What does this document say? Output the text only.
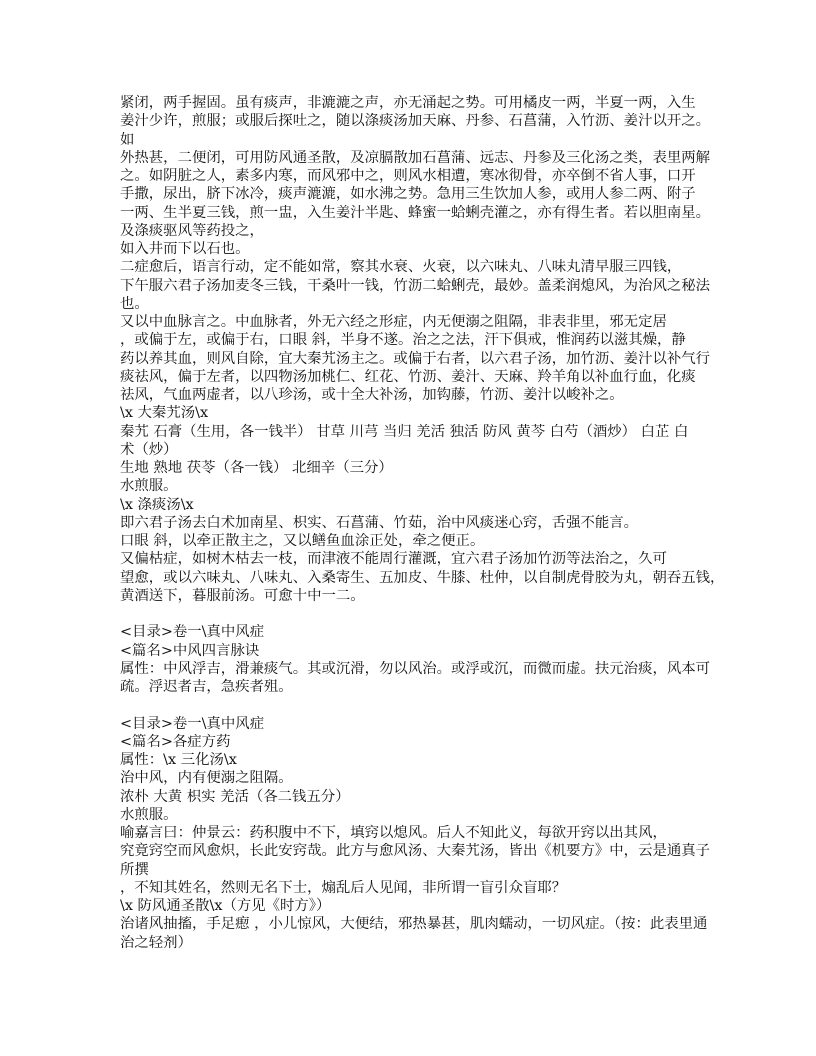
紧闭，两手握固。虽有痰声，非漉漉之声，亦无涌起之势。可用橘皮一两，半夏一两，入生
姜汁少许，煎服；或服后探吐之，随以涤痰汤加天麻、丹参、石菖蒲，入竹沥、姜汁以开之。
如
外热甚，二便闭，可用防风通圣散，及凉膈散加石菖蒲、远志、丹参及三化汤之类，表里两解
之。如阴脏之人，素多内寒，而风邪中之，则风水相遭，寒冰彻骨，亦卒倒不省人事，口开
手撒，尿出，脐下冰冷，痰声漉漉，如水沸之势。急用三生饮加人参，或用人参二两、附子
一两、生半夏三钱，煎一盅，入生姜汁半匙、蜂蜜一蛤蜊壳灌之，亦有得生者。若以胆南星。
及涤痰驱风等药投之，
如入井而下以石也。
二症愈后，语言行动，定不能如常，察其水衰、火衰，以六味丸、八味丸清早服三四钱，
下午服六君子汤加麦冬三钱，干桑叶一钱，竹沥二蛤蜊壳，最妙。盖柔润熄风，为治风之秘法
也。
又以中血脉言之。中血脉者，外无六经之形症，内无便溺之阻隔，非表非里，邪无定居
，或偏于左，或偏于右，口眼 斜，半身不遂。治之之法，汗下俱戒，惟润药以滋其燥，静
药以养其血，则风自除，宜大秦艽汤主之。或偏于右者，以六君子汤，加竹沥、姜汁以补气行
痰祛风，偏于左者，以四物汤加桃仁、红花、竹沥、姜汁、天麻、羚羊角以补血行血，化痰
祛风，气血两虚者，以八珍汤，或十全大补汤，加钩藤，竹沥、姜汁以峻补之。
\x 大秦艽汤\x
秦艽 石膏（生用，各一钱半） 甘草 川芎 当归 羌活 独活 防风 黄芩 白芍（酒炒） 白芷 白
术（炒）
生地 熟地 茯苓（各一钱） 北细辛（三分）
水煎服。
\x 涤痰汤\x
即六君子汤去白术加南星、枳实、石菖蒲、竹茹，治中风痰迷心窍，舌强不能言。
口眼 斜，以牵正散主之，又以鳝鱼血涂正处，牵之便正。
又偏枯症，如树木枯去一枝，而津液不能周行灌溉，宜六君子汤加竹沥等法治之，久可
望愈，或以六味丸、八味丸、入桑寄生、五加皮、牛膝、杜仲，以自制虎骨胶为丸，朝吞五钱，
黄酒送下，暮服前汤。可愈十中一二。
<目录>卷一\真中风症
<篇名>中风四言脉诀
属性：中风浮吉，滑兼痰气。其或沉滑，勿以风治。或浮或沉，而微而虚。扶元治痰，风本可
疏。浮迟者吉，急疾者殂。
<目录>卷一\真中风症
<篇名>各症方药
属性：\x 三化汤\x
治中风，内有便溺之阻隔。
浓朴 大黄 枳实 羌活（各二钱五分）
水煎服。
喻嘉言曰：仲景云：药积腹中不下，填窍以熄风。后人不知此义，每欲开窍以出其风，
究竟窍空而风愈炽，长此安窍哉。此方与愈风汤、大秦艽汤，皆出《机要方》中，云是通真子
所撰
，不知其姓名，然则无名下士，煽乱后人见闻，非所谓一盲引众盲耶？
\x 防风通圣散\x（方见《时方》）
治诸风抽搐，手足瘛 ，小儿惊风，大便结，邪热暴甚，肌肉蠕动，一切风症。（按：此表里通
治之轻剂）
